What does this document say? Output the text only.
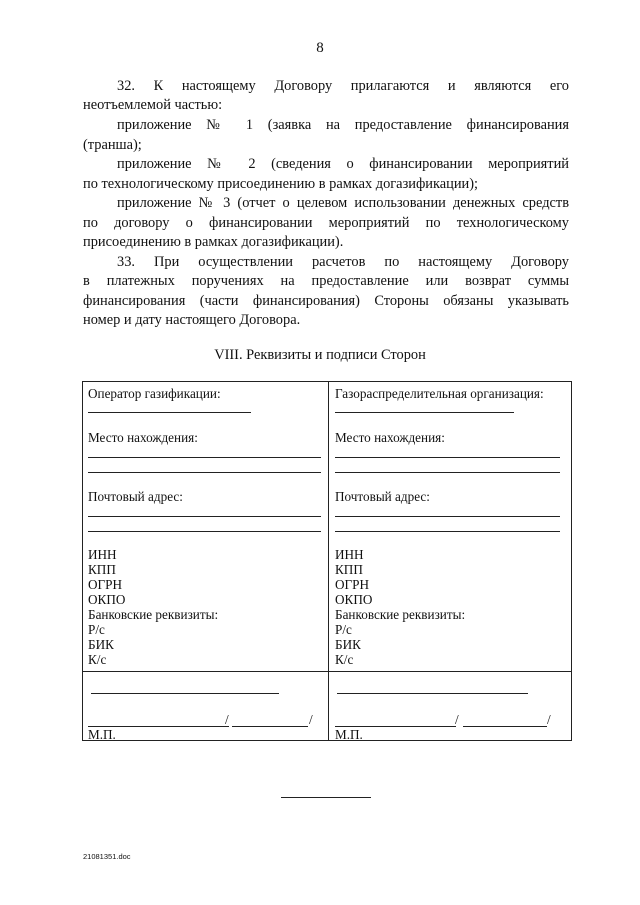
8
32. К настоящему Договору прилагаются и являются его
неотъемлемой частью:
приложение № 1 (заявка на предоставление финансирования
(транша);
приложение № 2 (сведения о финансировании мероприятий
по технологическому присоединению в рамках догазификации);
приложение № 3 (отчет о целевом использовании денежных средств
по договору о финансировании мероприятий по технологическому
присоединению в рамках догазификации).
33. При осуществлении расчетов по настоящему Договору
в платежных поручениях на предоставление или возврат суммы
финансирования (части финансирования) Стороны обязаны указывать
номер и дату настоящего Договора.
VIII. Реквизиты и подписи Сторон
Оператор газификации:
Место нахождения:
Почтовый адрес:
ИНН
КПП
ОГРН
ОКПО
Банковские реквизиты:
Р/с
БИК
К/с
/	/
М.П.
Газораспределительная организация:
Место нахождения:
Почтовый адрес:
ИНН
КПП
ОГРН
ОКПО
Банковские реквизиты:
Р/с
БИК
К/с
/	/
М.П.
21081351.doc
